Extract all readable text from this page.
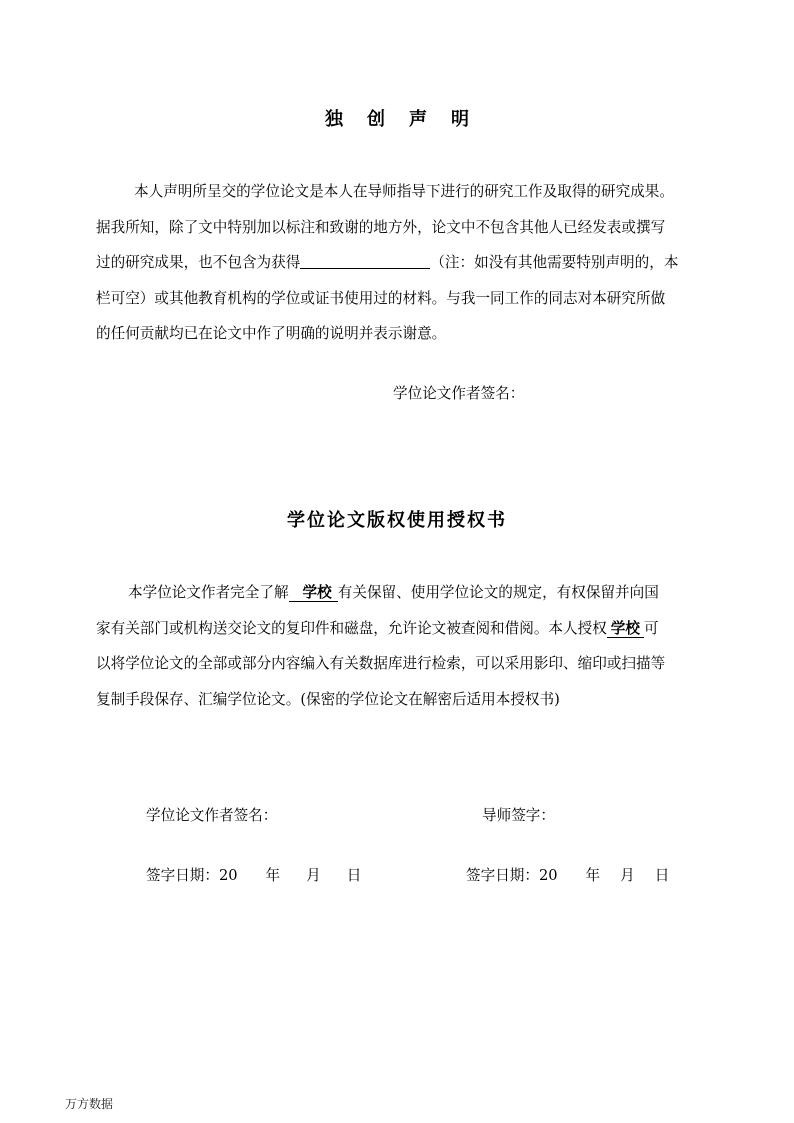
独创声明
本人声明所呈交的学位论文是本人在导师指导下进行的研究工作及取得的研究成果。
据我所知，除了文中特别加以标注和致谢的地方外，论文中不包含其他人已经发表或撰写
过的研究成果，也不包含为获得	（注：如没有其他需要特别声明的，本
栏可空）或其他教育机构的学位或证书使用过的材料。与我一同工作的同志对本研究所做
的任何贡献均已在论文中作了明确的说明并表示谢意。
学位论文作者签名：
学位论文版权使用授权书
本学位论文作者完全了解 学校 有关保留、使用学位论文的规定，有权保留并向国
家有关部门或机构送交论文的复印件和磁盘，允许论文被查阅和借阅。本人授权 学校 可
以将学位论文的全部或部分内容编入有关数据库进行检索，可以采用影印、缩印或扫描等
复制手段保存、汇编学位论文。(保密的学位论文在解密后适用本授权书)
学位论文作者签名：	导师签字：
签字日期：20 年 月 日	签字日期：20 年 月 日
万方数据
